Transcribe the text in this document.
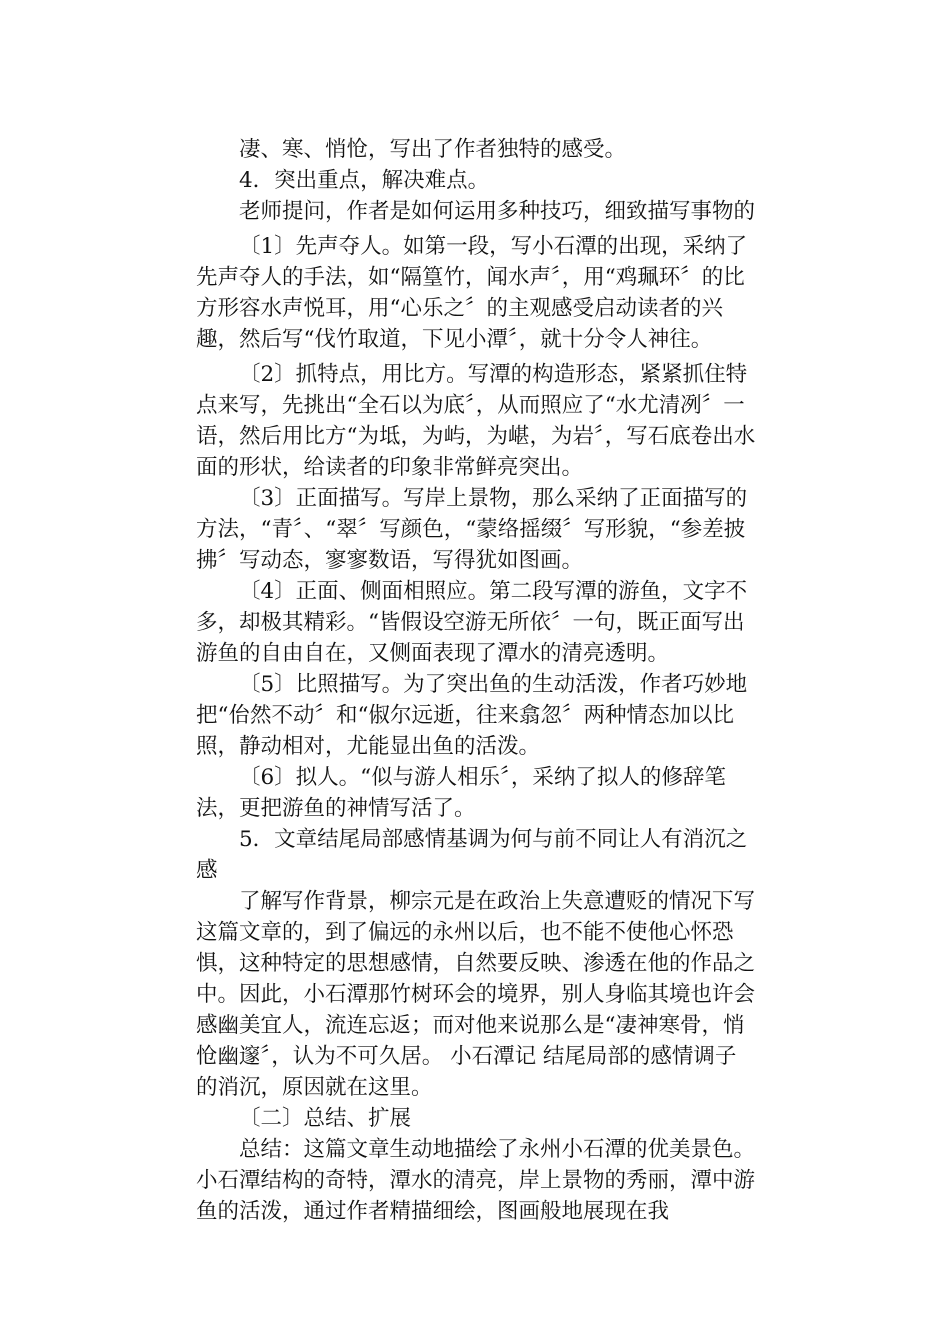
凄、寒、悄怆，写出了作者独特的感受。

4．突出重点，解决难点。

老师提问，作者是如何运用多种技巧，细致描写事物的

〔1〕先声夺人。如第一段，写小石潭的出现，采纳了先声夺人的手法，如“隔篁竹，闻水声〞，用“鸡珮环〞的比方形容水声悦耳，用“心乐之〞的主观感受启动读者的兴趣，然后写“伐竹取道，下见小潭〞，就十分令人神往。

〔2〕抓特点，用比方。写潭的构造形态，紧紧抓住特点来写，先挑出“全石以为底〞，从而照应了“水尤清冽〞一语，然后用比方“为坻，为屿，为嵁，为岩〞，写石底卷出水面的形状，给读者的印象非常鲜亮突出。

〔3〕正面描写。写岸上景物，那么采纳了正面描写的方法，“青〞、“翠〞写颜色，“蒙络摇缀〞写形貌，“参差披拂〞写动态，寥寥数语，写得犹如图画。

〔4〕正面、侧面相照应。第二段写潭的游鱼，文字不多，却极其精彩。“皆假设空游无所依〞一句，既正面写出游鱼的自由自在，又侧面表现了潭水的清亮透明。

〔5〕比照描写。为了突出鱼的生动活泼，作者巧妙地把“佁然不动〞和“俶尔远逝，往来翕忽〞两种情态加以比照，静动相对，尤能显出鱼的活泼。

〔6〕拟人。“似与游人相乐〞，采纳了拟人的修辞笔法，更把游鱼的神情写活了。

5．文章结尾局部感情基调为何与前不同让人有消沉之感

了解写作背景，柳宗元是在政治上失意遭贬的情况下写这篇文章的，到了偏远的永州以后，也不能不使他心怀恐惧，这种特定的思想感情，自然要反映、渗透在他的作品之中。因此，小石潭那竹树环会的境界，别人身临其境也许会感幽美宜人，流连忘返；而对他来说那么是“凄神寒骨，悄怆幽邃〞，认为不可久居。 小石潭记 结尾局部的感情调子的消沉，原因就在这里。

〔二〕总结、扩展

总结：这篇文章生动地描绘了永州小石潭的优美景色。小石潭结构的奇特，潭水的清亮，岸上景物的秀丽，潭中游鱼的活泼，通过作者精描细绘，图画般地展现在我
